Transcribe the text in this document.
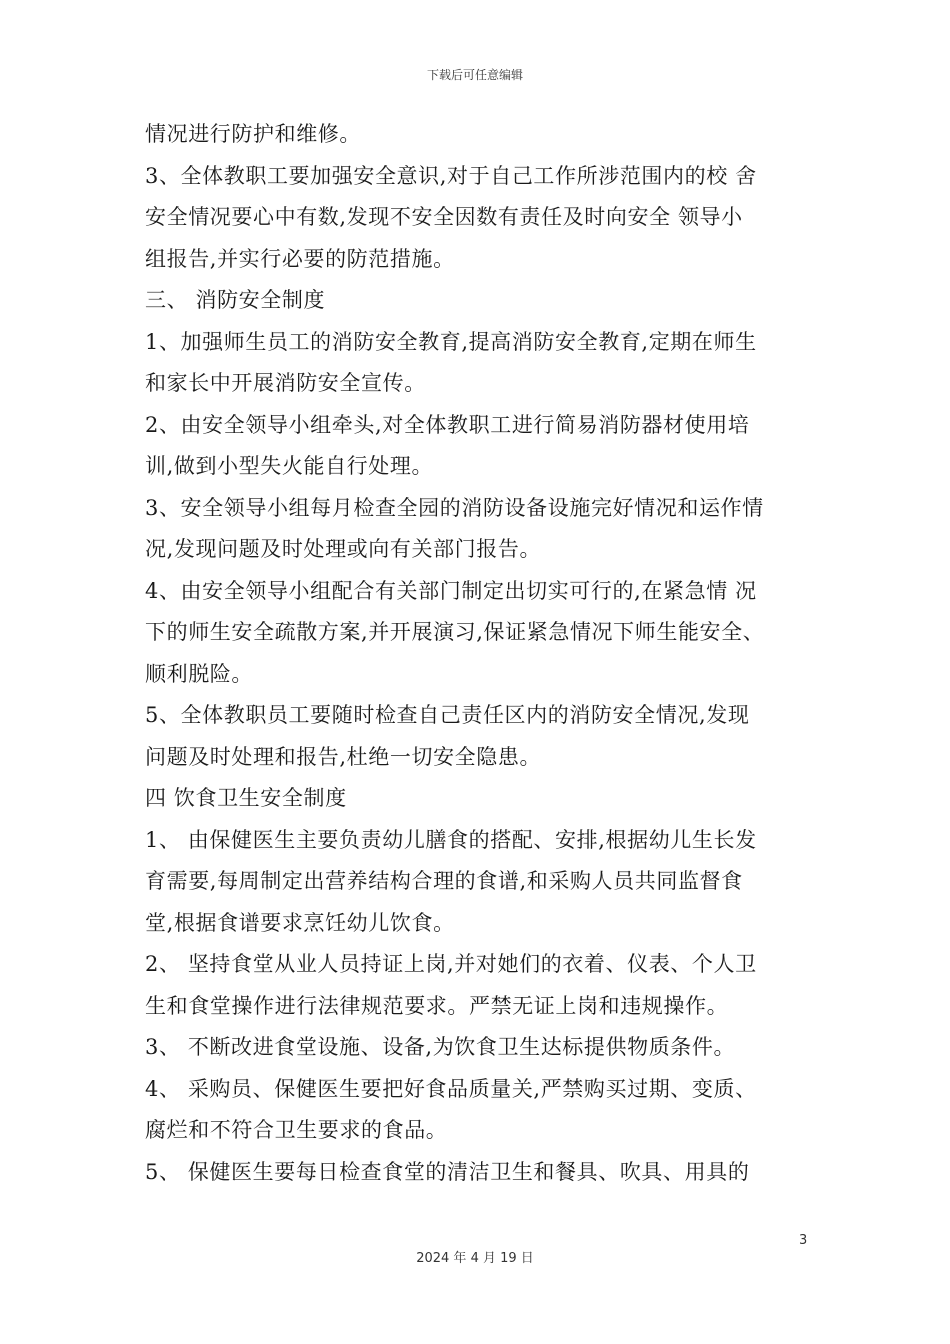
下载后可任意编辑

情况进行防护和维修。

3、全体教职工要加强安全意识,对于自己工作所涉范围内的校 舍

安全情况要心中有数,发现不安全因数有责任及时向安全 领导小

组报告,并实行必要的防范措施。

三、 消防安全制度

1、加强师生员工的消防安全教育,提高消防安全教育,定期在师生

和家长中开展消防安全宣传。

2、由安全领导小组牵头,对全体教职工进行简易消防器材使用培

训,做到小型失火能自行处理。

3、安全领导小组每月检查全园的消防设备设施完好情况和运作情

况,发现问题及时处理或向有关部门报告。

4、由安全领导小组配合有关部门制定出切实可行的,在紧急情 况

下的师生安全疏散方案,并开展演习,保证紧急情况下师生能安全、

顺利脱险。

5、全体教职员工要随时检查自己责任区内的消防安全情况,发现

问题及时处理和报告,杜绝一切安全隐患。

四 饮食卫生安全制度

1、 由保健医生主要负责幼儿膳食的搭配、安排,根据幼儿生长发

育需要,每周制定出营养结构合理的食谱,和采购人员共同监督食

堂,根据食谱要求烹饪幼儿饮食。

2、 坚持食堂从业人员持证上岗,并对她们的衣着、仪表、个人卫

生和食堂操作进行法律规范要求。严禁无证上岗和违规操作。

3、 不断改进食堂设施、设备,为饮食卫生达标提供物质条件。

4、 采购员、保健医生要把好食品质量关,严禁购买过期、变质、

腐烂和不符合卫生要求的食品。

5、 保健医生要每日检查食堂的清洁卫生和餐具、吹具、用具的

3
2024 年 4 月 19 日
